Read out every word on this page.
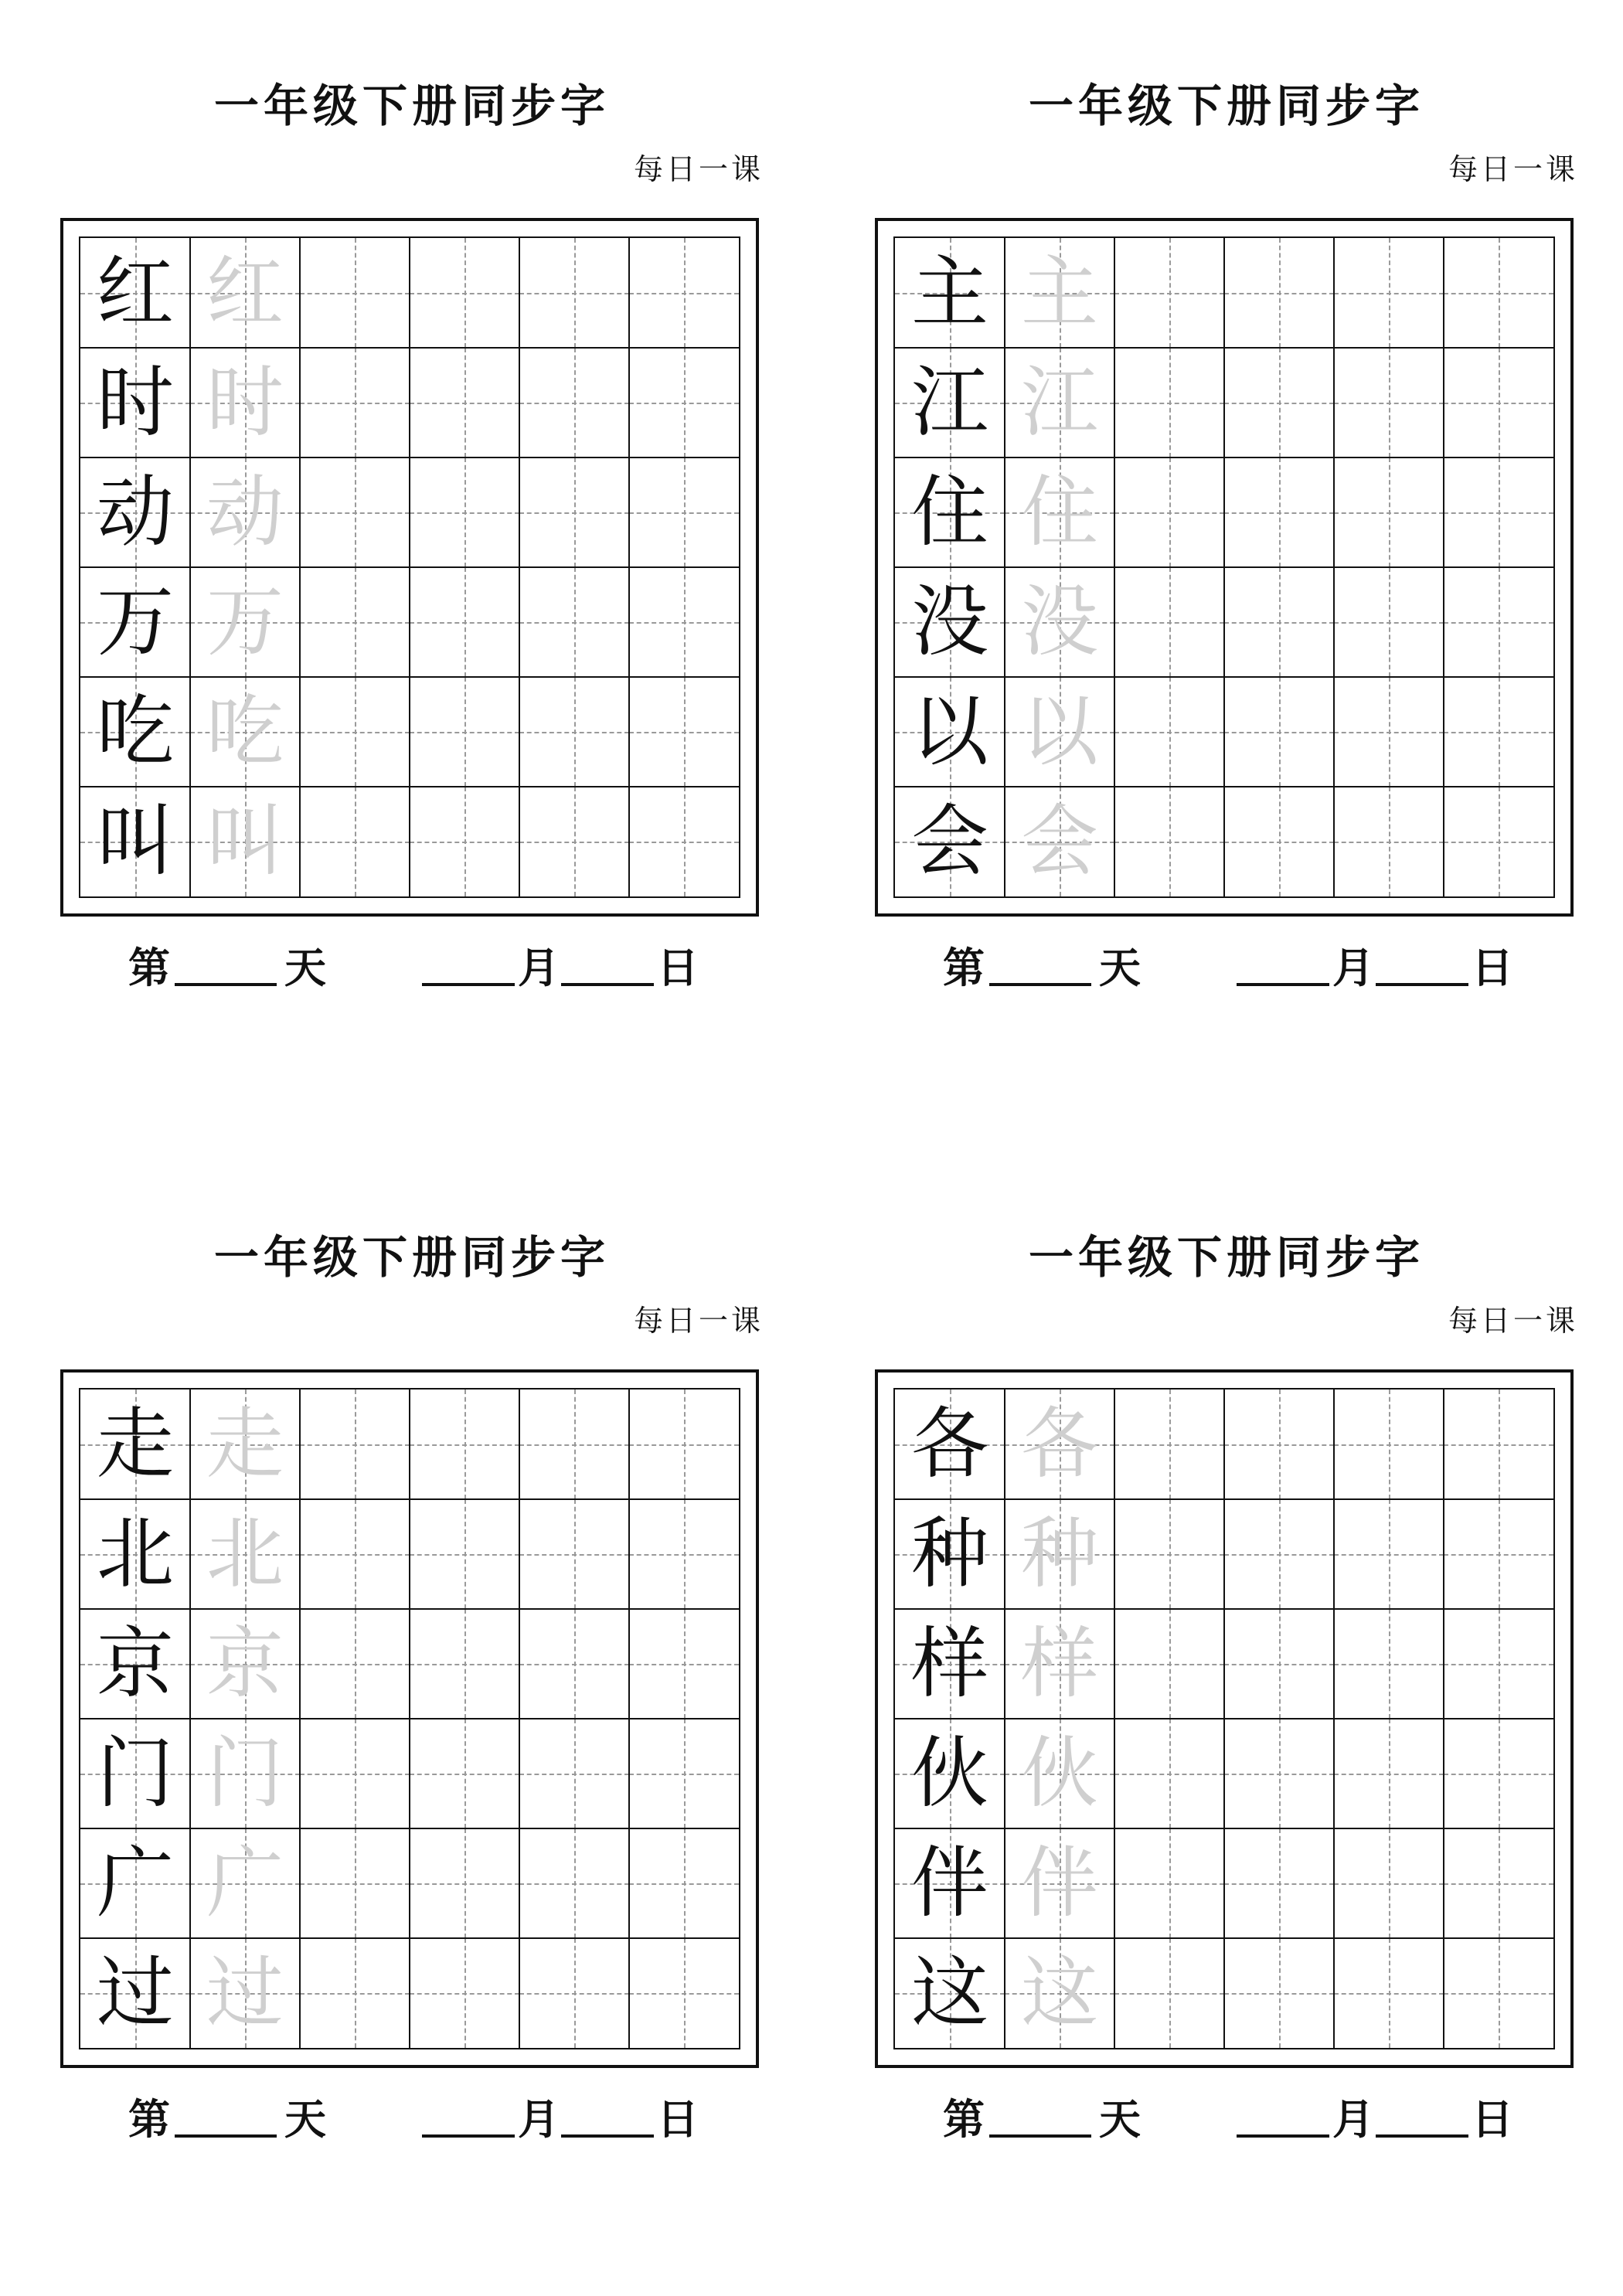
一年级下册同步字
每日一课
红 红
时 时
动 动
万 万
吃 吃
叫 叫
第	天	月 日
一年级下册同步字
每日一课
主 主
江 江
住 住
没 没
以 以
会 会
第	天	月 日
一年级下册同步字
每日一课
走 走
北 北
京 京
门 门
广 广
过 过
第	天	月 日
一年级下册同步字
每日一课
各 各
种 种
样 样
伙 伙
伴 伴
这 这
第	天	月 日
